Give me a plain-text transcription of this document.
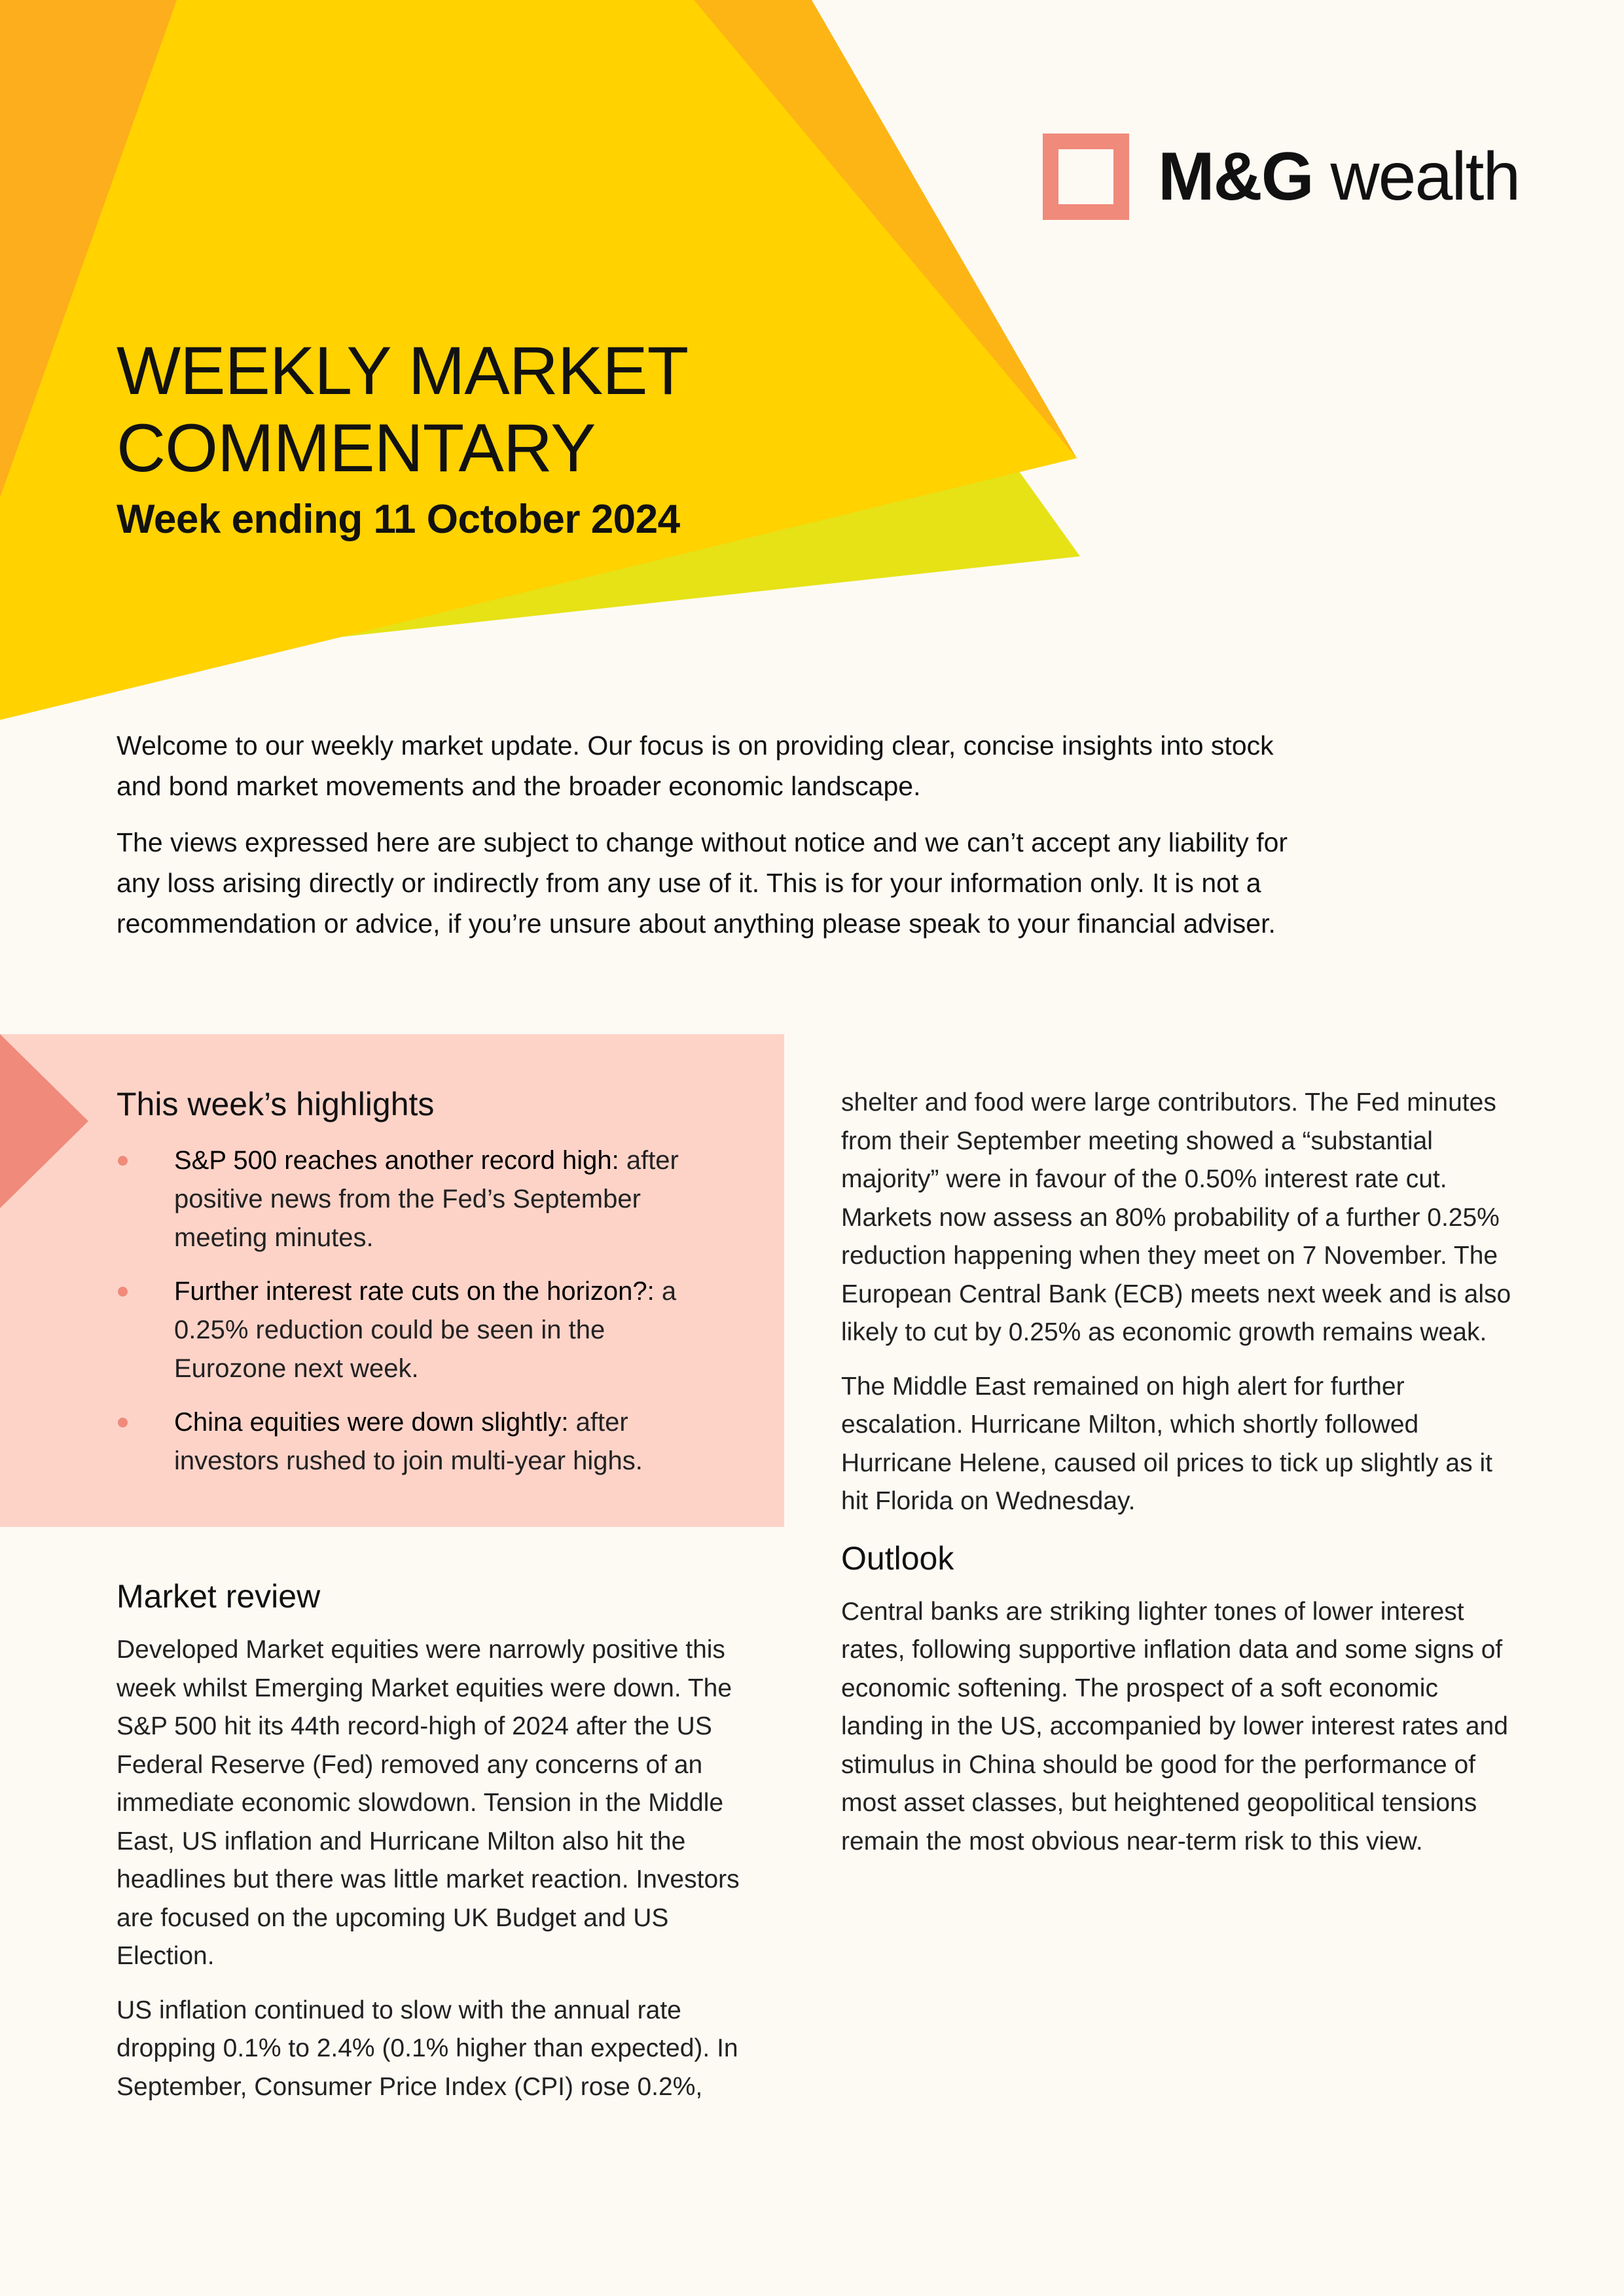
M&G wealth
WEEKLY MARKET
COMMENTARY
Week ending 11 October 2024

Welcome to our weekly market update. Our focus is on providing clear, concise insights into stock and bond market movements and the broader economic landscape.

The views expressed here are subject to change without notice and we can’t accept any liability for any loss arising directly or indirectly from any use of it. This is for your information only. It is not a recommendation or advice, if you’re unsure about anything please speak to your financial adviser.

This week’s highlights
S&P 500 reaches another record high: after positive news from the Fed’s September meeting minutes.
Further interest rate cuts on the horizon?: a 0.25% reduction could be seen in the Eurozone next week.
China equities were down slightly: after investors rushed to join multi-year highs.
Market review

Developed Market equities were narrowly positive this week whilst Emerging Market equities were down. The S&P 500 hit its 44th record-high of 2024 after the US Federal Reserve (Fed) removed any concerns of an immediate economic slowdown. Tension in the Middle East, US inflation and Hurricane Milton also hit the headlines but there was little market reaction. Investors are focused on the upcoming UK Budget and US Election.

US inflation continued to slow with the annual rate dropping 0.1% to 2.4% (0.1% higher than expected). In September, Consumer Price Index (CPI) rose 0.2%,

shelter and food were large contributors. The Fed minutes from their September meeting showed a “substantial majority” were in favour of the 0.50% interest rate cut. Markets now assess an 80% probability of a further 0.25% reduction happening when they meet on 7 November. The European Central Bank (ECB) meets next week and is also likely to cut by 0.25% as economic growth remains weak.

The Middle East remained on high alert for further escalation. Hurricane Milton, which shortly followed Hurricane Helene, caused oil prices to tick up slightly as it hit Florida on Wednesday.

Outlook

Central banks are striking lighter tones of lower interest rates, following supportive inflation data and some signs of economic softening. The prospect of a soft economic landing in the US, accompanied by lower interest rates and stimulus in China should be good for the performance of most asset classes, but heightened geopolitical tensions remain the most obvious near-term risk to this view.
